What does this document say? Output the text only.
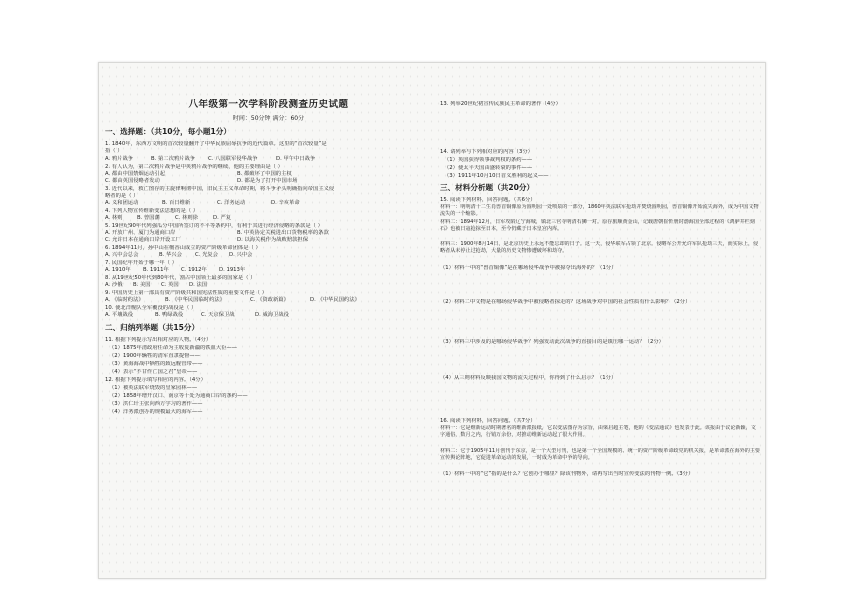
八年级第一次学科阶段测查历史试题
时间：50分钟 满分：60分
一、选择题：（共10分，每小题1分）
1. 1840年，东西方文明的首次较量翻开了中华民族屈辱抗争的近代篇章。这里的“首次较量”是
指（ ）
A. 鸦片战争	B. 第二次鸦片战争 C. 八国联军侵华战争	D. 甲午中日战争
2. 有人认为，第二次鸦片战争是中英鸦片战争的继续，他的主要理由是（ ）
A. 都由中国禁烟运动引起	B. 都破坏了中国的主权
C. 都由英国侵略者发动	D. 都是为了打开中国市场
3. 近代以来，救亡图存的主旋律响彻中国，旧民主主义革命时期，将斗争矛头明确指向帝国主义侵
略者的是（ ）
A. 义和团运动	B. 百日维新	C. 洋务运动	D. 辛亥革命
4. 下列人物宣传维新变法思想的是（ ）
A. 林则	B. 曾国藩	C. 林则徐	D. 严复
5. 19世纪90年代列强瓜分中国所签订的不平等条约中，有利于其进行经济侵略的条款是（ ）
A. 开放广州、厦门为通商口岸	B. 中英协定关税进出口货物税率的条款
C. 允许日本在通商口岸开设工厂	D. 以海关税作为战败赔款担保
6. 1894年11月，孙中山在檀香山成立的资产阶级革命团体是（ ）
A. 兴中会总会	B. 华兴会 C. 光复会 D. 兴中会
7. 民国纪年开始于哪一年（ ）
A. 1910年 B. 1911年 C. 1912年 D. 1913年
8. 从19世纪50年代到80年代，割占中国领土最多的国家是（ ）
A. 沙俄 B. 美国 C. 英国 D. 法国
9. 中国历史上第一部具有资产阶级共和国宪法性质的重要文件是（ ）
A. 《临时约法》	B. 《中华民国临时约法》	C. 《资政新篇》	D. 《中华民国约法》
10. 使北洋舰队全军覆没的战役是（ ）
A. 平壤战役	B. 鸭绿战役	C. 天京保卫战	D. 威海卫战役
二、归纳列举题（共15分）
11. 根据下列提示写出相对应的人物。（4分）
（1）1875年清政府任命为主收复新疆的铁血大臣——
（2）1900年辆牲的清军直隶提督——
（3）黄海海战中牺牲的致远舰管带——
（4）表示“不甘作亡国之君”皇帝——
12. 根据下列提示填写相应的内容。（4分）
（1）被英法联军烧毁的皇家园林——
（2）1858年增开汉口、南京等十处为通商口岸的条约——
（3）洪仁玕主张向西方学习的著作——
（4）洋务派创办的规模最大的海军——
13. 列举20世纪初宣传民族民主革命的著作（4分）
14. 请列举与下列相对应的内容（3分）
（1）英国获得领事裁判权的条约——
（2）使太平天国由盛转衰的事件——
（3）1911年10月10日首义胜利的起义——
三、材料分析题（共20分）
15. 阅读下列材料，回答问题。（共6分）
材料一：明明清十二生肖兽首铜像原为圆明园一处喷泉的一部分，1860年英法联军抢劫并焚烧圆明园，兽首铜像开始流失海外，成为中国文物流失的一个缩影。
材料二：1894年12月，日军攻陷辽宁海城，镇北三官寺明清石狮一对。原存旅顺黄金山，记载唐朝崔忻册封渤海国全部过程的《鸿胪井栏刻石》也被日寇抢掠至日本，至今仍藏于日本皇宫内库。
材料三：1900年8月14日，是北京历史上永远不能忘却的日子。这一天，侵华联军占领了北京。侵略军公开允许军队抢劫三天，而实际上，侵略者从未停止过抢劫，大量的历史文物惨遭破坏和劫夺。
（1）材料一中的“兽首铜像”是在哪场侵华战争中被掠夺出海外的？（1分）
（2）材料二中文物是在哪场侵华战争中被侵略者掠走的？这场战争对中国的社会性质有什么影响？（2分）
（3）材料三中涉及的是哪场侵华战争？列强发动此次战争的直接目的是镇压哪一运动？（2分）
（4）从三则材料反映我国文物的流失过程中，你得到了什么启示？（1分）
16. 阅读下列材料，回答问题。（共7分）
材料一：它是维新运动时期著名的维新派报纸，它以变法图存为宗旨，由梁启超主笔，他的《变法通议》也发表于此。该报由于议论新颖，文字通俗，数月之内，行销万余份，对推动维新运动起了很大作用。
材料二：它于1905年11月创刊于东京，是一个大型月刊，也是第一个全国规模的、统一的资产阶级革命政党的机关报，是革命派在海外的主要宣传舆论阵地，它促进革命运动的发展，一时成为革命中争的导向。
（1）材料一中的“它”指的是什么？它创办于哪里？除该刊物外，请再写出当时宣传变法的刊物一例。（3分）
